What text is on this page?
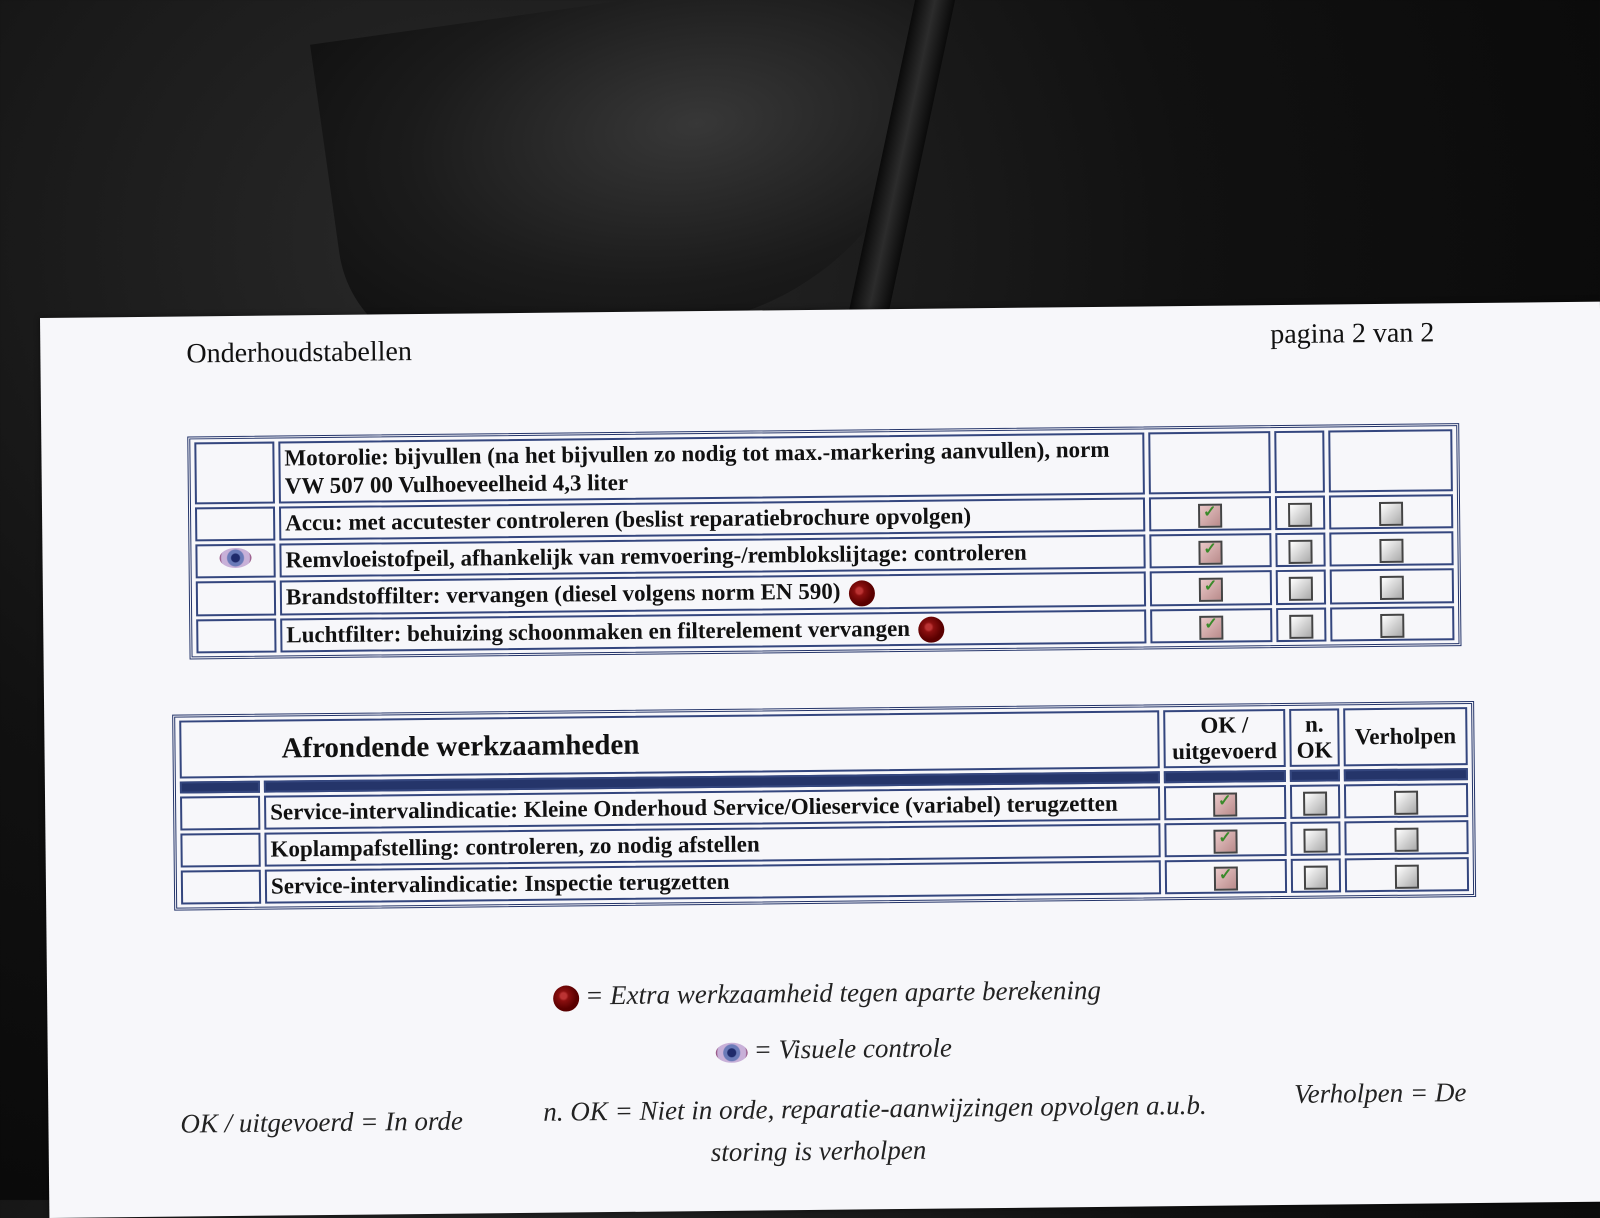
Onderhoudstabellen
pagina 2 van 2
	Motorolie: bijvullen (na het bijvullen zo nodig tot max.-markering aanvullen), norm VW 507 00 Vulhoeveelheid 4,3 liter			
	Accu: met accutester controleren (beslist reparatiebrochure opvolgen)	✓		

	Remvloeistofpeil, afhankelijk van remvoering-/remblokslijtage: controleren	✓		

	Brandstoffilter: vervangen (diesel volgens norm EN 590)	✓		

	Luchtfilter: behuizing schoonmaken en filterelement vervangen	✓		

Afrondende werkzaamheden		OK / uitgevoerd	n. OK	Verholpen

	Service-intervalindicatie: Kleine Onderhoud Service/Olieservice (variabel) terugzetten	✓		

	Koplampafstelling: controleren, zo nodig afstellen	✓		

	Service-intervalindicatie: Inspectie terugzetten	✓		

= Extra werkzaamheid tegen aparte berekening
= Visuele controle
OK / uitgevoerd = In orde	n. OK = Niet in orde, reparatie-aanwijzingen opvolgen a.u.b.	Verholpen = De
storing is verholpen
